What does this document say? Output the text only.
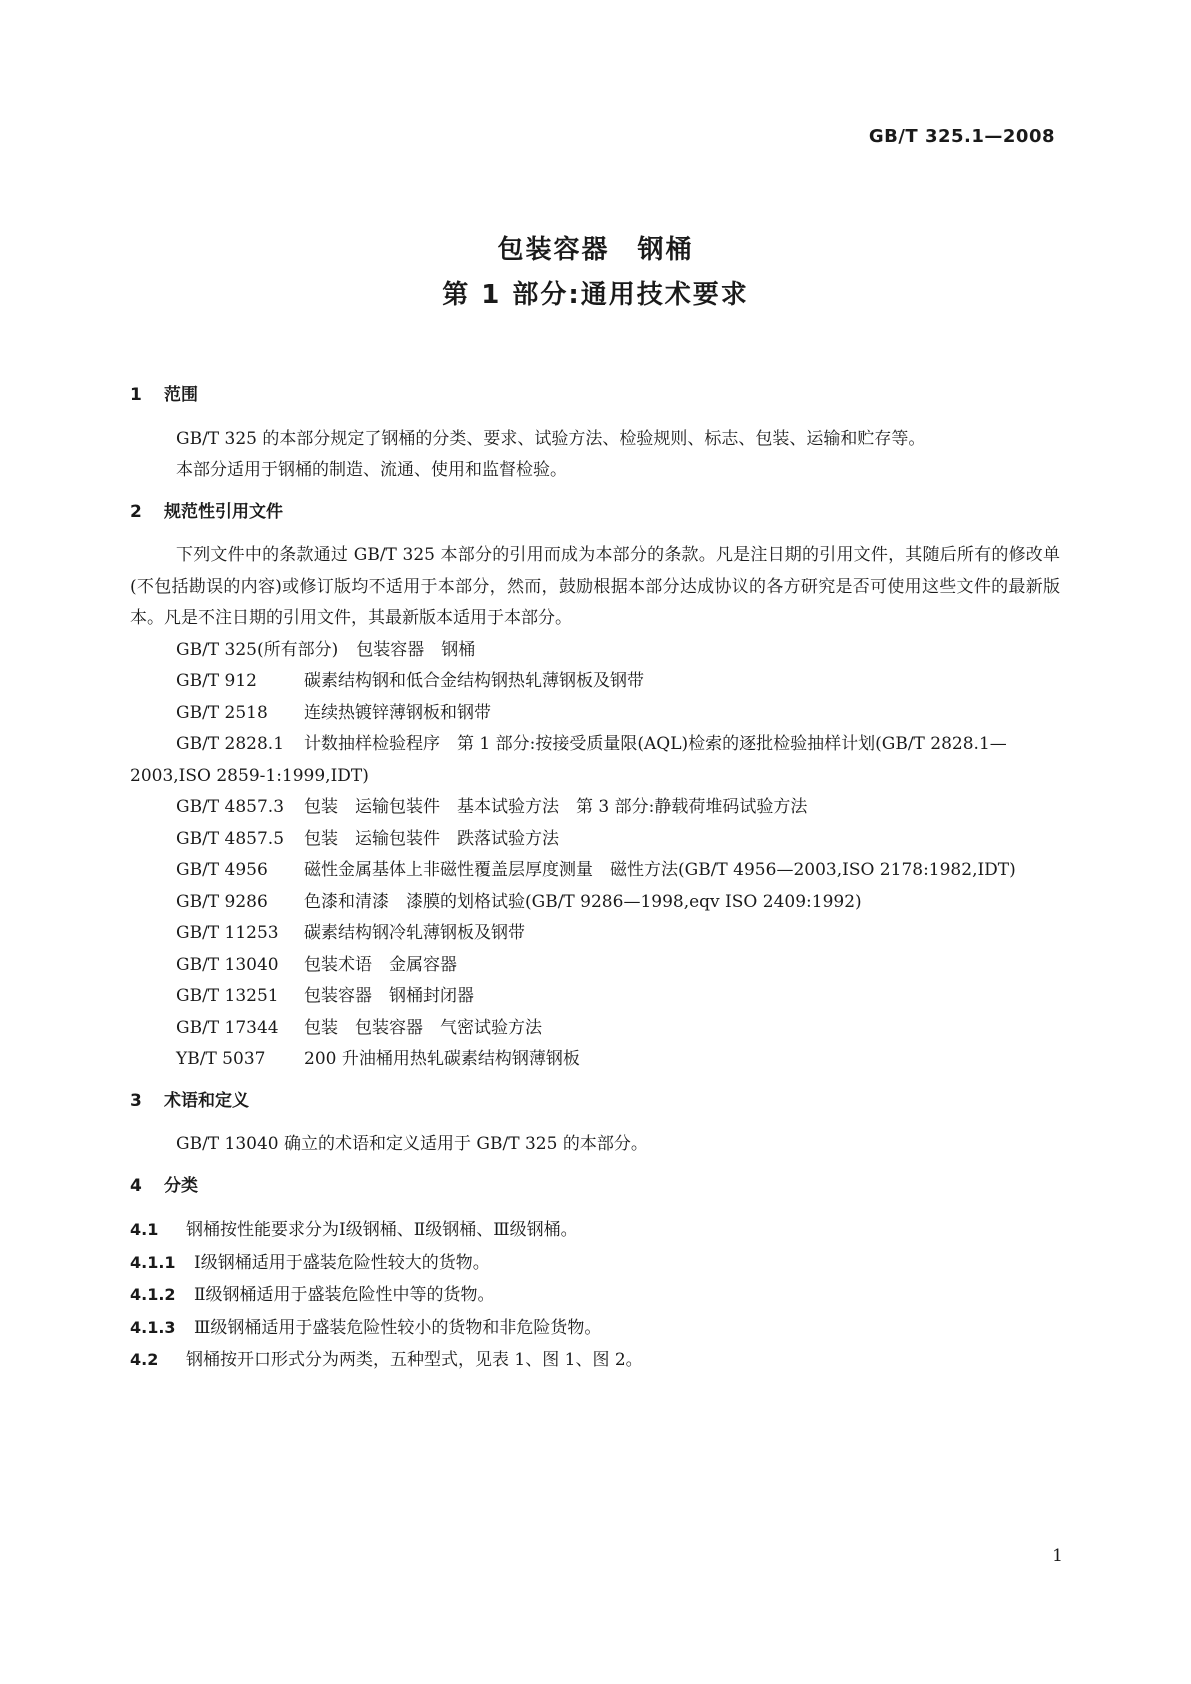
GB/T 325.1—2008
包装容器　钢桶
第 1 部分:通用技术要求
1 范围

GB/T 325 的本部分规定了钢桶的分类、要求、试验方法、检验规则、标志、包装、运输和贮存等。

本部分适用于钢桶的制造、流通、使用和监督检验。

2 规范性引用文件

下列文件中的条款通过 GB/T 325 本部分的引用而成为本部分的条款。凡是注日期的引用文件，其随后所有的修改单(不包括勘误的内容)或修订版均不适用于本部分，然而，鼓励根据本部分达成协议的各方研究是否可使用这些文件的最新版本。凡是不注日期的引用文件，其最新版本适用于本部分。

GB/T 325(所有部分) 包装容器　钢桶

GB/T 912	碳素结构钢和低合金结构钢热轧薄钢板及钢带

GB/T 2518 连续热镀锌薄钢板和钢带

GB/T 2828.1 计数抽样检验程序　第 1 部分:按接受质量限(AQL)检索的逐批检验抽样计划(GB/T 2828.1—2003,ISO 2859-1:1999,IDT)

GB/T 4857.3 包装　运输包装件　基本试验方法　第 3 部分:静载荷堆码试验方法

GB/T 4857.5 包装　运输包装件　跌落试验方法

GB/T 4956 磁性金属基体上非磁性覆盖层厚度测量　磁性方法(GB/T 4956—2003,ISO 2178:1982,IDT)

GB/T 9286 色漆和清漆　漆膜的划格试验(GB/T 9286—1998,eqv ISO 2409:1992)

GB/T 11253 碳素结构钢冷轧薄钢板及钢带

GB/T 13040 包装术语　金属容器

GB/T 13251 包装容器　钢桶封闭器

GB/T 17344 包装　包装容器　气密试验方法

YB/T 5037 200 升油桶用热轧碳素结构钢薄钢板

3 术语和定义

GB/T 13040 确立的术语和定义适用于 GB/T 325 的本部分。

4 分类

4.1 钢桶按性能要求分为Ⅰ级钢桶、Ⅱ级钢桶、Ⅲ级钢桶。

4.1.1 Ⅰ级钢桶适用于盛装危险性较大的货物。

4.1.2 Ⅱ级钢桶适用于盛装危险性中等的货物。

4.1.3 Ⅲ级钢桶适用于盛装危险性较小的货物和非危险货物。

4.2 钢桶按开口形式分为两类，五种型式，见表 1、图 1、图 2。

1
